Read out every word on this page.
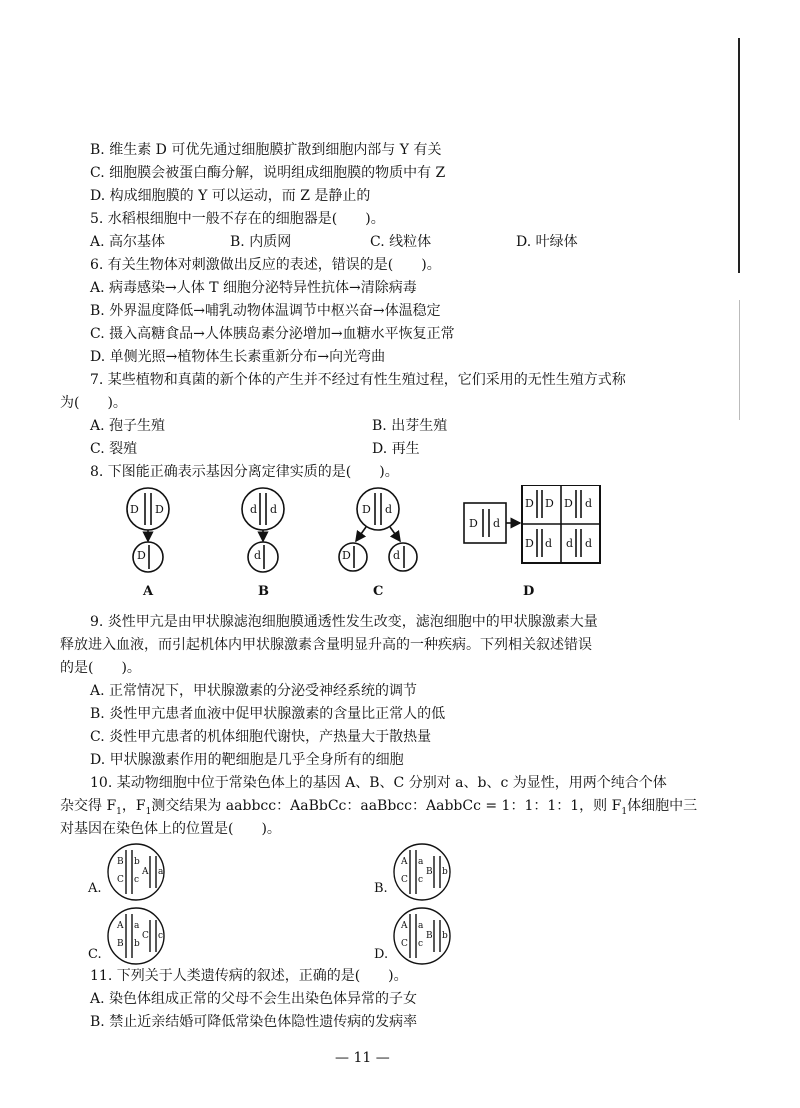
B. 维生素 D 可优先通过细胞膜扩散到细胞内部与 Y 有关
C. 细胞膜会被蛋白酶分解，说明组成细胞膜的物质中有 Z
D. 构成细胞膜的 Y 可以运动，而 Z 是静止的
5. 水稻根细胞中一般不存在的细胞器是(　　)。
A. 高尔基体	B. 内质网	C. 线粒体	D. 叶绿体
6. 有关生物体对刺激做出反应的表述，错误的是(　　)。
A. 病毒感染→人体 T 细胞分泌特异性抗体→清除病毒
B. 外界温度降低→哺乳动物体温调节中枢兴奋→体温稳定
C. 摄入高糖食品→人体胰岛素分泌增加→血糖水平恢复正常
D. 单侧光照→植物体生长素重新分布→向光弯曲
7. 某些植物和真菌的新个体的产生并不经过有性生殖过程，它们采用的无性生殖方式称
为(　　)。
A. 孢子生殖	B. 出芽生殖
C. 裂殖	D. 再生
8. 下图能正确表示基因分离定律实质的是(　　)。
D D
D
d d
d
D d
D	d
D d
D D D d
D d d d
A	B	C	D
9. 炎性甲亢是由甲状腺滤泡细胞膜通透性发生改变，滤泡细胞中的甲状腺激素大量
释放进入血液，而引起机体内甲状腺激素含量明显升高的一种疾病。下列相关叙述错误
的是(　　)。
A. 正常情况下，甲状腺激素的分泌受神经系统的调节
B. 炎性甲亢患者血液中促甲状腺激素的含量比正常人的低
C. 炎性甲亢患者的机体细胞代谢快，产热量大于散热量
D. 甲状腺激素作用的靶细胞是几乎全身所有的细胞
10. 某动物细胞中位于常染色体上的基因 A、B、C 分别对 a、b、c 为显性，用两个纯合个体
杂交得 $F_1$，$F_1$测交结果为 aabbcc：AaBbCc：aaBbcc：AabbCc = 1：1：1：1，则 $F_1$体细胞中三
对基因在染色体上的位置是(　　)。
B b
C c
A a
A a
C c
B b
A a
B b
C c
A a
C c
B b
A.	B.
C.	D.
11. 下列关于人类遗传病的叙述，正确的是(　　)。
A. 染色体组成正常的父母不会生出染色体异常的子女
B. 禁止近亲结婚可降低常染色体隐性遗传病的发病率
— 11 —
